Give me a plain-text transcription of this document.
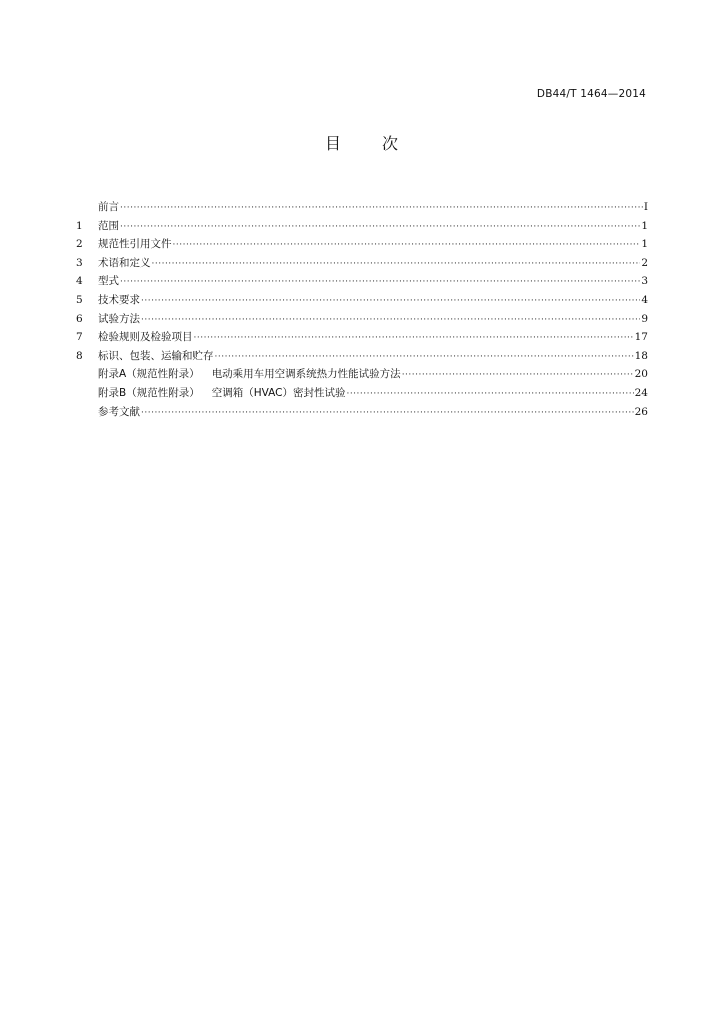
DB44/T 1464—2014
目	次
前言 ·····	I
1	范围 ·····	1
2	规范性引用文件 ·····	1
3	术语和定义 ·····	2
4	型式 ·····	3
5	技术要求 ·····	4
6	试验方法 ·····	9
7	检验规则及检验项目 ·····	17
8	标识、包装、运输和贮存 ·····	18
附录A（规范性附录） 电动乘用车用空调系统热力性能试验方法 ·····	20
附录B（规范性附录） 空调箱（HVAC）密封性试验 ·····	24
参考文献 ·····	26
